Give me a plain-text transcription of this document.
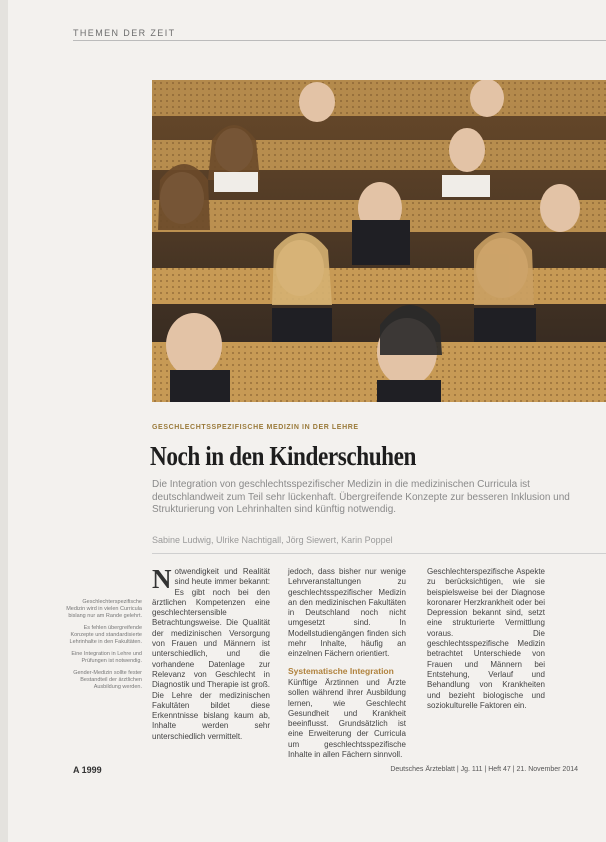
THEMEN DER ZEIT
GESCHLECHTSSPEZIFISCHE MEDIZIN IN DER LEHRE
Noch in den Kinderschuhen
Die Integration von geschlechtsspezifischer Medizin in die medizinischen Curricula ist deutschlandweit zum Teil sehr lückenhaft. Übergreifende Konzepte zur besseren Inklusion und Strukturierung von Lehrinhalten sind künftig notwendig.
Sabine Ludwig, Ulrike Nachtigall, Jörg Siewert, Karin Poppel

Geschlechterspezifische Medizin wird in vielen Curricula bislang nur am Rande gelehrt.

Es fehlen übergreifende Konzepte und standardisierte Lehrinhalte in den Fakultäten.

Eine Integration in Lehre und Prüfungen ist notwendig.

Gender-Medizin sollte fester Bestandteil der ärztlichen Ausbildung werden.

Notwendigkeit und Realität sind heute immer bekannt: Es gibt noch bei den ärztlichen Kompetenzen eine geschlechtersensible Betrachtungsweise. Die Qualität der medizinischen Versorgung von Frauen und Männern ist unterschiedlich, und die vorhandene Datenlage zur Relevanz von Geschlecht in Diagnostik und Therapie ist groß. Die Lehre der medizinischen Fakultäten bildet diese Erkenntnisse bislang kaum ab, Inhalte werden sehr unterschiedlich vermittelt.

jedoch, dass bisher nur wenige Lehrveranstaltungen zu geschlechtsspezifischer Medizin an den medizinischen Fakultäten in Deutschland noch nicht umgesetzt sind. In Modellstudiengängen finden sich mehr Inhalte, häufig an einzelnen Fächern orientiert.

Systematische Integration

Künftige Ärztinnen und Ärzte sollen während ihrer Ausbildung lernen, wie Geschlecht Gesundheit und Krankheit beeinflusst. Grundsätzlich ist eine Erweiterung der Curricula um geschlechtsspezifische Inhalte in allen Fächern sinnvoll.

Geschlechterspezifische Aspekte zu berücksichtigen, wie sie beispielsweise bei der Diagnose koronarer Herzkrankheit oder bei Depression bekannt sind, setzt eine strukturierte Vermittlung voraus. Die geschlechtsspezifische Medizin betrachtet Unterschiede von Frauen und Männern bei Entstehung, Verlauf und Behandlung von Krankheiten und bezieht biologische und soziokulturelle Faktoren ein.

A 1999	Deutsches Ärzteblatt | Jg. 111 | Heft 47 | 21. November 2014
